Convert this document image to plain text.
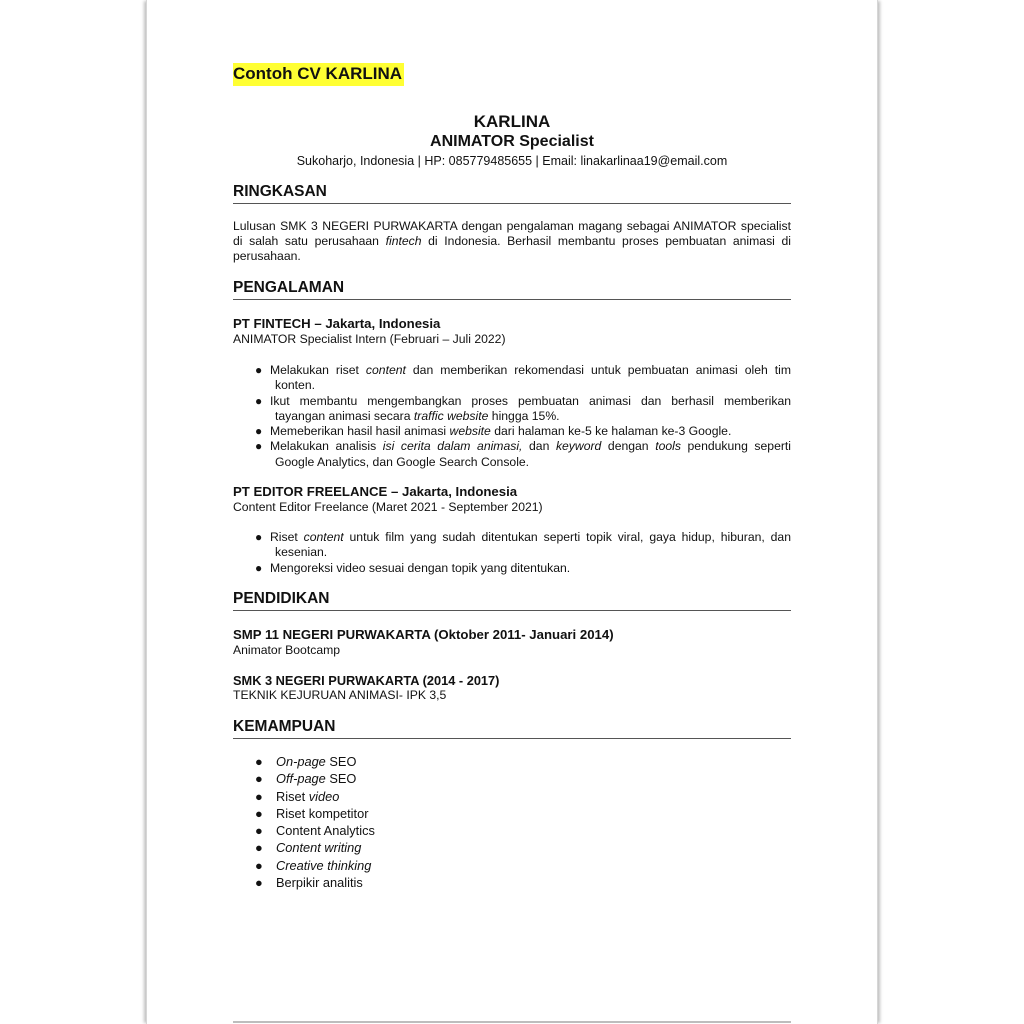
Contoh CV KARLINA
KARLINA
ANIMATOR Specialist
Sukoharjo, Indonesia | HP: 085779485655 | Email: linakarlinaa19@email.com
RINGKASAN
Lulusan SMK 3 NEGERI PURWAKARTA dengan pengalaman magang sebagai ANIMATOR specialist di salah satu perusahaan fintech di Indonesia. Berhasil membantu proses pembuatan animasi di perusahaan.
PENGALAMAN
PT FINTECH – Jakarta, Indonesia
ANIMATOR Specialist Intern (Februari – Juli 2022)
● Melakukan riset content dan memberikan rekomendasi untuk pembuatan animasi oleh tim konten.
● Ikut membantu mengembangkan proses pembuatan animasi dan berhasil memberikan tayangan animasi secara traffic website hingga 15%.
● Memeberikan hasil hasil animasi website dari halaman ke-5 ke halaman ke-3 Google.
● Melakukan analisis isi cerita dalam animasi, dan keyword dengan tools pendukung seperti Google Analytics, dan Google Search Console.
PT EDITOR FREELANCE – Jakarta, Indonesia
Content Editor Freelance (Maret 2021 - September 2021)
● Riset content untuk film yang sudah ditentukan seperti topik viral, gaya hidup, hiburan, dan kesenian.
● Mengoreksi video sesuai dengan topik yang ditentukan.
PENDIDIKAN
SMP 11 NEGERI PURWAKARTA (Oktober 2011- Januari 2014)
Animator Bootcamp
SMK 3 NEGERI PURWAKARTA (2014 - 2017)
TEKNIK KEJURUAN ANIMASI- IPK 3,5
KEMAMPUAN
● On-page SEO
● Off-page SEO
● Riset video
● Riset kompetitor
● Content Analytics
● Content writing
● Creative thinking
● Berpikir analitis
